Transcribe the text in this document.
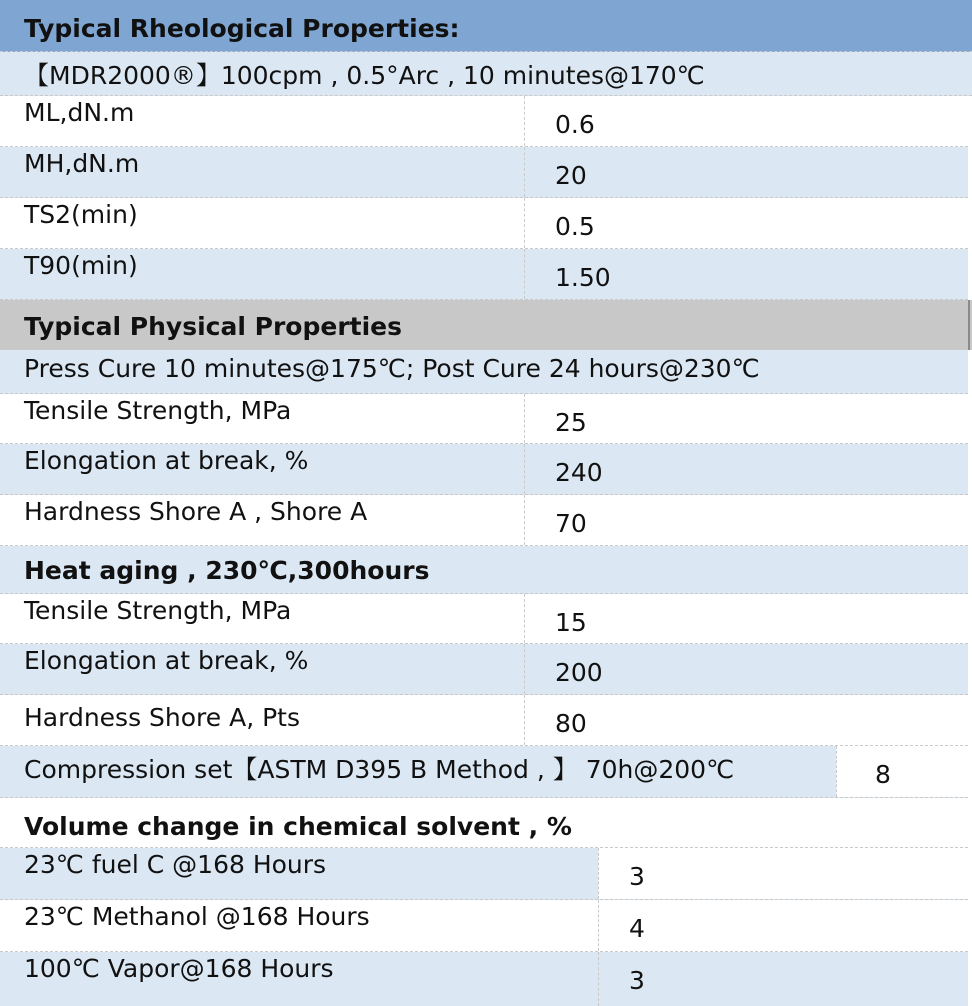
Typical Rheological Properties:
【MDR2000®】100cpm , 0.5°Arc , 10 minutes@170℃
ML,dN.m	0.6
MH,dN.m	20
TS2(min)	0.5
T90(min)	1.50
Typical Physical Properties
Press Cure 10 minutes@175℃; Post Cure 24 hours@230℃
Tensile Strength, MPa	25
Elongation at break, %	240
Hardness Shore A , Shore A	70
Heat aging , 230℃,300hours
Tensile Strength, MPa	15
Elongation at break, %	200
Hardness Shore A, Pts	80
Compression set【ASTM D395 B Method , 】 70h@200℃	8
Volume change in chemical solvent , %
23℃ fuel C @168 Hours	3
23℃ Methanol @168 Hours	4
100℃ Vapor@168 Hours	3
